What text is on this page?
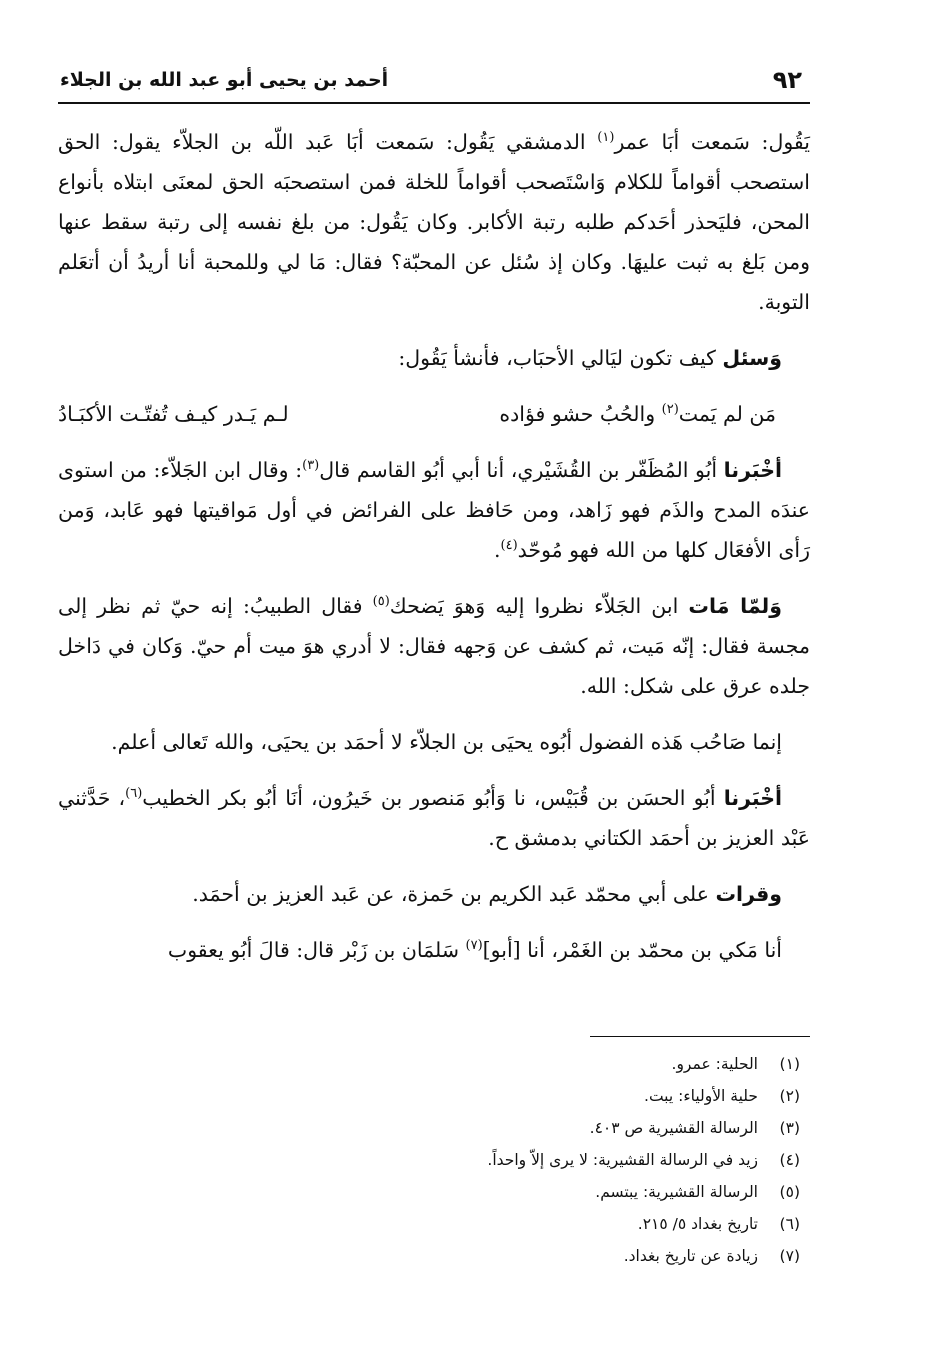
٩٢
أحمد بن يحيى أبو عبد الله بن الجلاء

يَقُول: سَمعت أبَا عمر$^{(١)}$ الدمشقي يَقُول: سَمعت أبَا عَبد اللّه بن الجلاّء يقول: الحق استصحب أقواماً للكلام وَاسْتَصحب أقواماً للخلة فمن استصحبَه الحق لمعنَى ابتلاه بأنواع المحن، فليَحذر أحَدكم طلبه رتبة الأكابر. وكان يَقُول: من بلغ نفسه إلى رتبة سقط عنها ومن بَلغ به ثبت عليهَا. وكان إذ سُئل عن المحبّة؟ فقال: مَا لي وللمحبة أنا أريدُ أن أتعَلم التوبة.

وَسئل كيف تكون ليَالي الأحبَاب، فأنشأ يَقُول:

مَن لم يَمت$^{(٢)}$ والحُبُ حشو فؤاده
لـم يَـدر كيـف تُفتّـت الأكبَـادُ

أخْبَرنا أبُو المُظَفّر بن القُشَيْري، أنا أبي أبُو القاسم قال$^{(٣)}$: وقال ابن الجَلاّء: من استوى عندَه المدح والذَم فهو زَاهد، ومن حَافظ على الفرائض في أول مَواقيتها فهو عَابد، وَمن رَأى الأفعَال كلها من الله فهو مُوحّد$^{(٤)}$.

وَلمّا مَات ابن الجَلاّء نظروا إليه وَهوَ يَضحك$^{(٥)}$ فقال الطبيبُ: إنه حيّ ثم نظر إلى مجسة فقال: إنّه مَيت، ثم كشف عن وَجهه فقال: لا أدري هوَ ميت أم حيّ. وَكان في دَاخل جلده عرق على شكل: الله.

إنما صَاحُب هَذه الفضول أبُوه يحيَى بن الجلاّء لا أحمَد بن يحيَى، والله تَعالى أعلم.

أخْبَرنا أبُو الحسَن بن قُبَيْس، نا وَأبُو مَنصور بن خَيرُون، أنَا أبُو بكر الخطيب$^{(٦)}$، حَدَّثني عَبْد العزيز بن أحمَد الكتاني بدمشق ح.

وقرات على أبي محمّد عَبد الكريم بن حَمزة، عن عَبد العزيز بن أحمَد.

أنا مَكي بن محمّد بن الغَمْر، أنا [أبو]$^{(٧)}$ سَلمَان بن زَبْر قال: قالَ أبُو يعقوب

(١)
الحلية: عمرو.
(٢)
حلية الأولياء: يبت.
(٣)
الرسالة القشيرية ص ٤٠٣.
(٤)
زيد في الرسالة القشيرية: لا يرى إلاّ واحداً.
(٥)
الرسالة القشيرية: يبتسم.
(٦)
تاريخ بغداد ٥/ ٢١٥.
(٧)
زيادة عن تاريخ بغداد.
